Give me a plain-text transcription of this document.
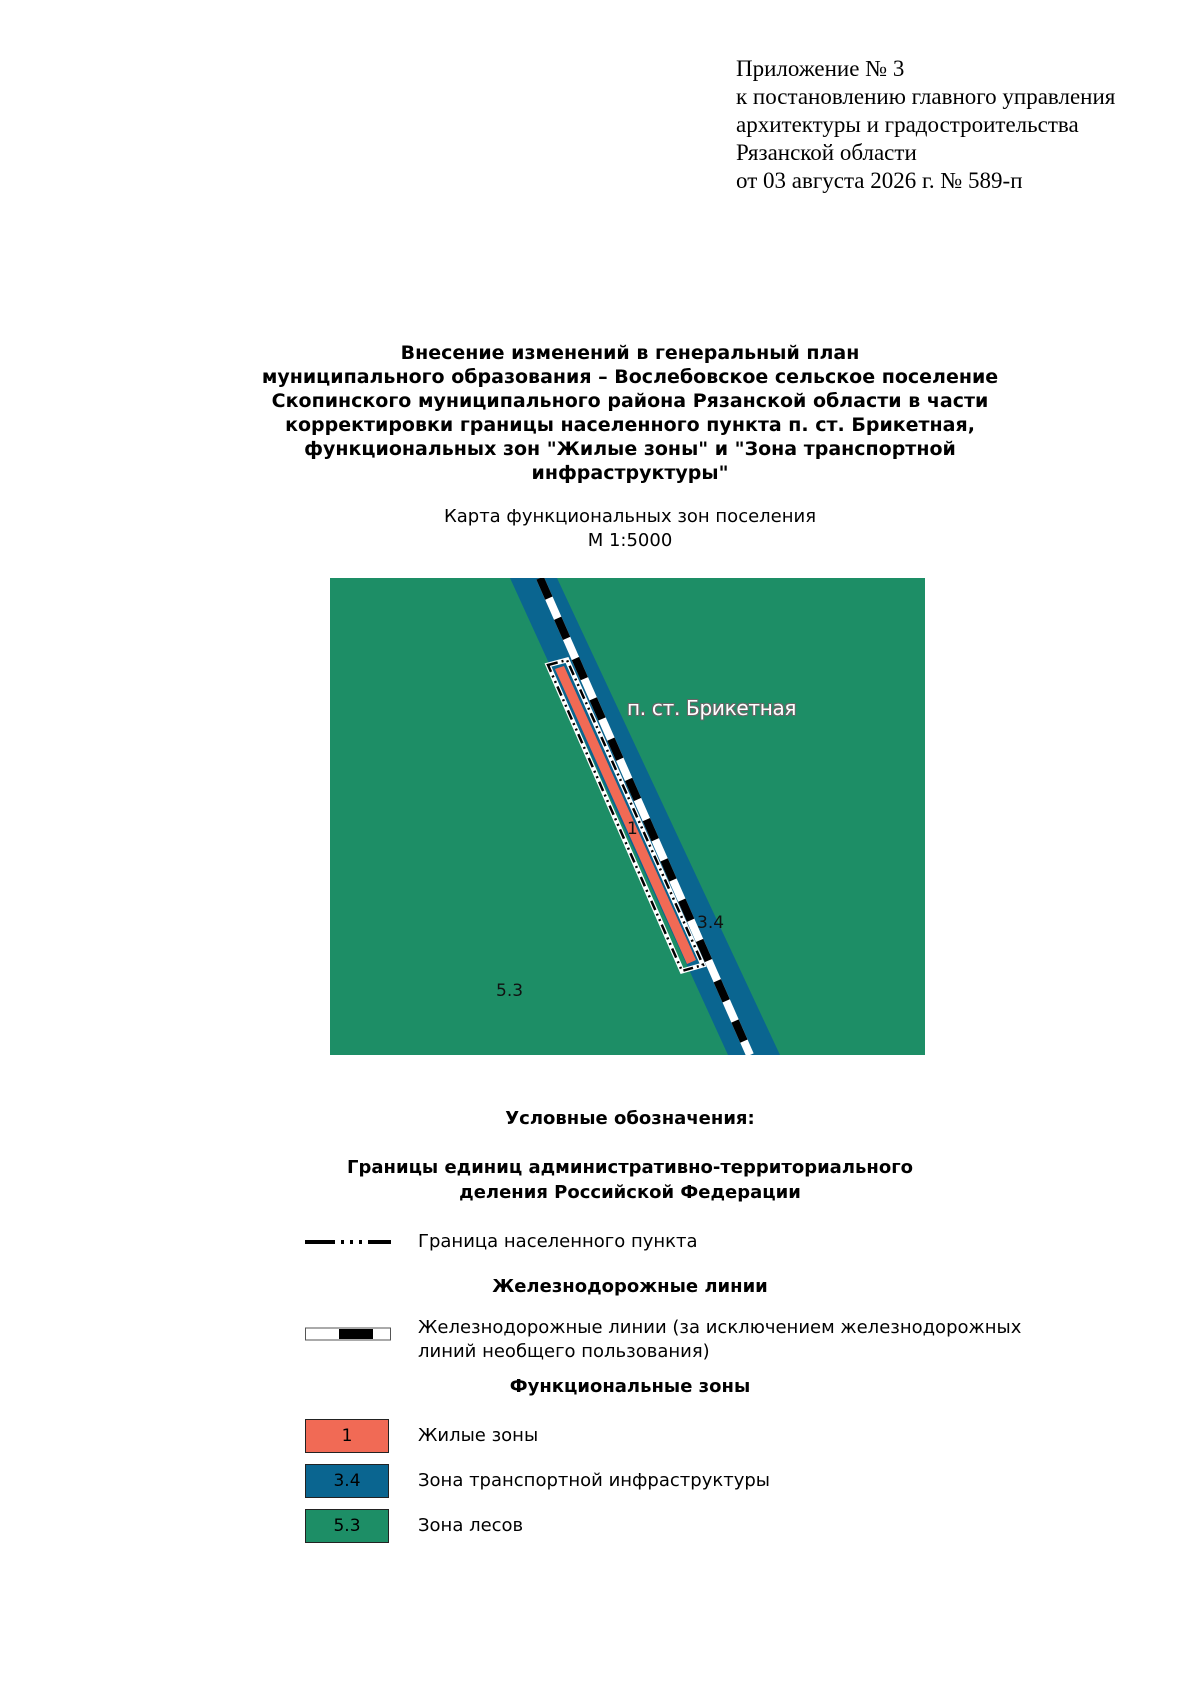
Приложение № 3
к постановлению главного управления
архитектуры и градостроительства
Рязанской области
от 03 августа 2026 г. № 589-п
Внесение изменений в генеральный план
муниципального образования – Вослебовское сельское поселение
Скопинского муниципального района Рязанской области в части
корректировки границы населенного пункта п. ст. Брикетная,
функциональных зон "Жилые зоны" и "Зона транспортной
инфраструктуры"
Карта функциональных зон поселения
М 1:5000
п. ст. Брикетная
1
3.4
5.3
Условные обозначения:
Границы единиц административно-территориального
деления Российской Федерации
Граница населенного пункта
Железнодорожные линии
Железнодорожные линии (за исключением железнодорожных
линий необщего пользования)
Функциональные зоны
1	Жилые зоны
3.4	Зона транспортной инфраструктуры
5.3	Зона лесов
